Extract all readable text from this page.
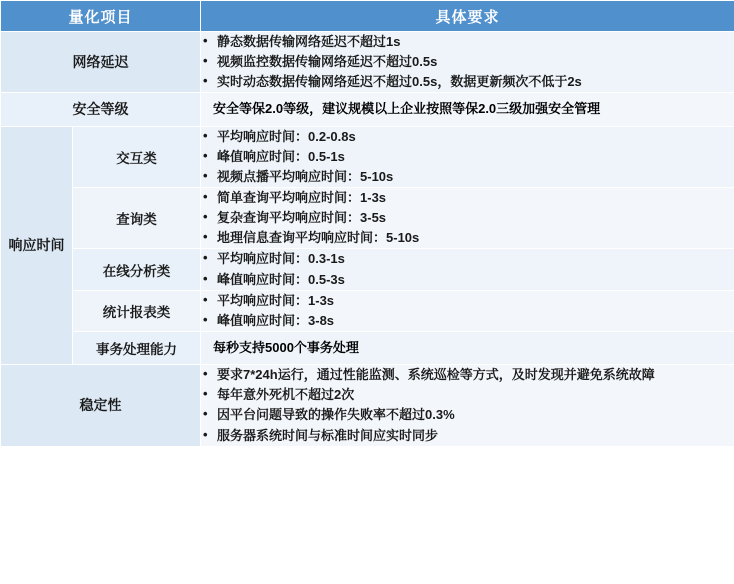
量化项目		具体要求
网络延迟	
• 静态数据传输网络延迟不超过1s
• 视频监控数据传输网络延迟不超过0.5s
• 实时动态数据传输网络延迟不超过0.5s，数据更新频次不低于2s

安全等级		安全等保2.0等级，建议规模以上企业按照等保2.0三级加强安全管理
响应时间	交互类	
• 平均响应时间：0.2-0.8s
• 峰值响应时间：0.5-1s
• 视频点播平均响应时间：5-10s

查询类	
• 简单查询平均响应时间：1-3s
• 复杂查询平均响应时间：3-5s
• 地理信息查询平均响应时间：5-10s

在线分析类	
• 平均响应时间：0.3-1s
• 峰值响应时间：0.5-3s

统计报表类	
• 平均响应时间：1-3s
• 峰值响应时间：3-8s

	事务处理能力	每秒支持5000个事务处理
稳定性	
• 要求7*24h运行，通过性能监测、系统巡检等方式，及时发现并避免系统故障
• 每年意外死机不超过2次
• 因平台问题导致的操作失败率不超过0.3%
• 服务器系统时间与标准时间应实时同步
